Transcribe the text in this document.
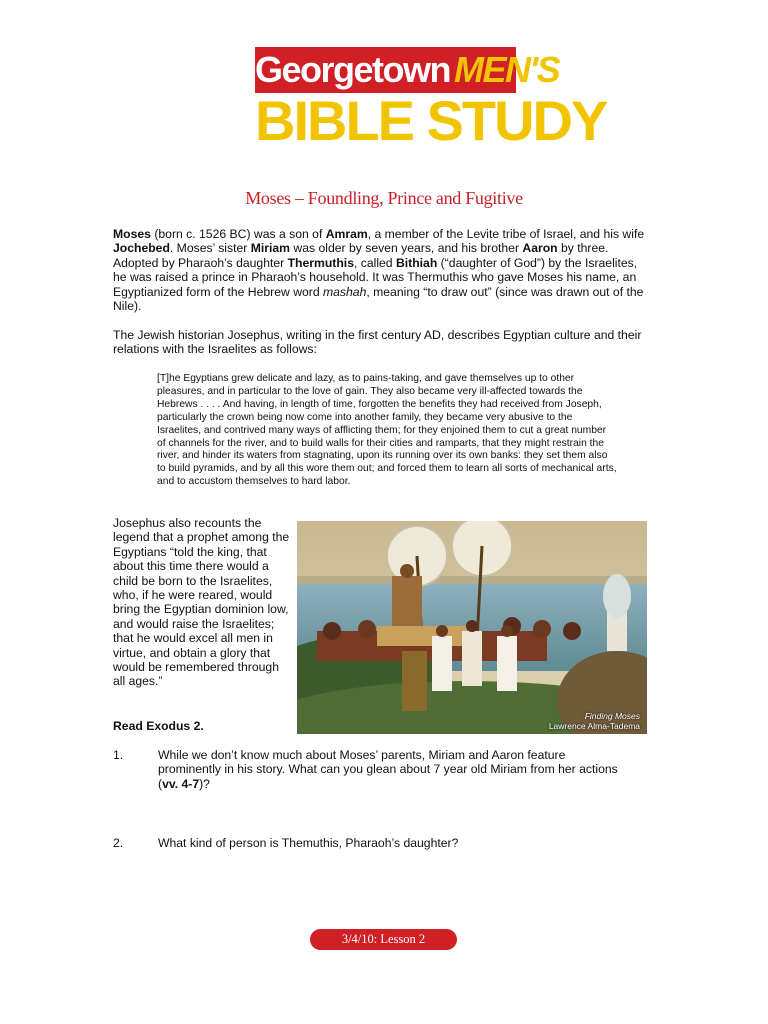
Georgetown MEN'S
BIBLE STUDY
Moses – Foundling, Prince and Fugitive
Moses (born c. 1526 BC) was a son of Amram, a member of the Levite tribe of Israel, and his wife Jochebed. Moses’ sister Miriam was older by seven years, and his brother Aaron by three. Adopted by Pharaoh’s daughter Thermuthis, called Bithiah (“daughter of God”) by the Israelites, he was raised a prince in Pharaoh’s household. It was Thermuthis who gave Moses his name, an Egyptianized form of the Hebrew word mashah, meaning “to draw out” (since was drawn out of the Nile).
The Jewish historian Josephus, writing in the first century AD, describes Egyptian culture and their relations with the Israelites as follows:
[T]he Egyptians grew delicate and lazy, as to pains-taking, and gave themselves up to other pleasures, and in particular to the love of gain. They also became very ill-affected towards the Hebrews . . . . And having, in length of time, forgotten the benefits they had received from Joseph, particularly the crown being now come into another family, they became very abusive to the Israelites, and contrived many ways of afflicting them; for they enjoined them to cut a great number of channels for the river, and to build walls for their cities and ramparts, that they might restrain the river, and hinder its waters from stagnating, upon its running over its own banks: they set them also to build pyramids, and by all this wore them out; and forced them to learn all sorts of mechanical arts, and to accustom themselves to hard labor.
Josephus also recounts the legend that a prophet among the Egyptians “told the king, that about this time there would a child be born to the Israelites, who, if he were reared, would bring the Egyptian dominion low, and would raise the Israelites; that he would excel all men in virtue, and obtain a glory that would be remembered through all ages.”
Finding Moses
Lawrence Alma-Tadema
Read Exodus 2.
1.	While we don’t know much about Moses’ parents, Miriam and Aaron feature prominently in his story. What can you glean about 7 year old Miriam from her actions (vv. 4-7)?
2.	What kind of person is Themuthis, Pharaoh’s daughter?
3/4/10: Lesson 2
